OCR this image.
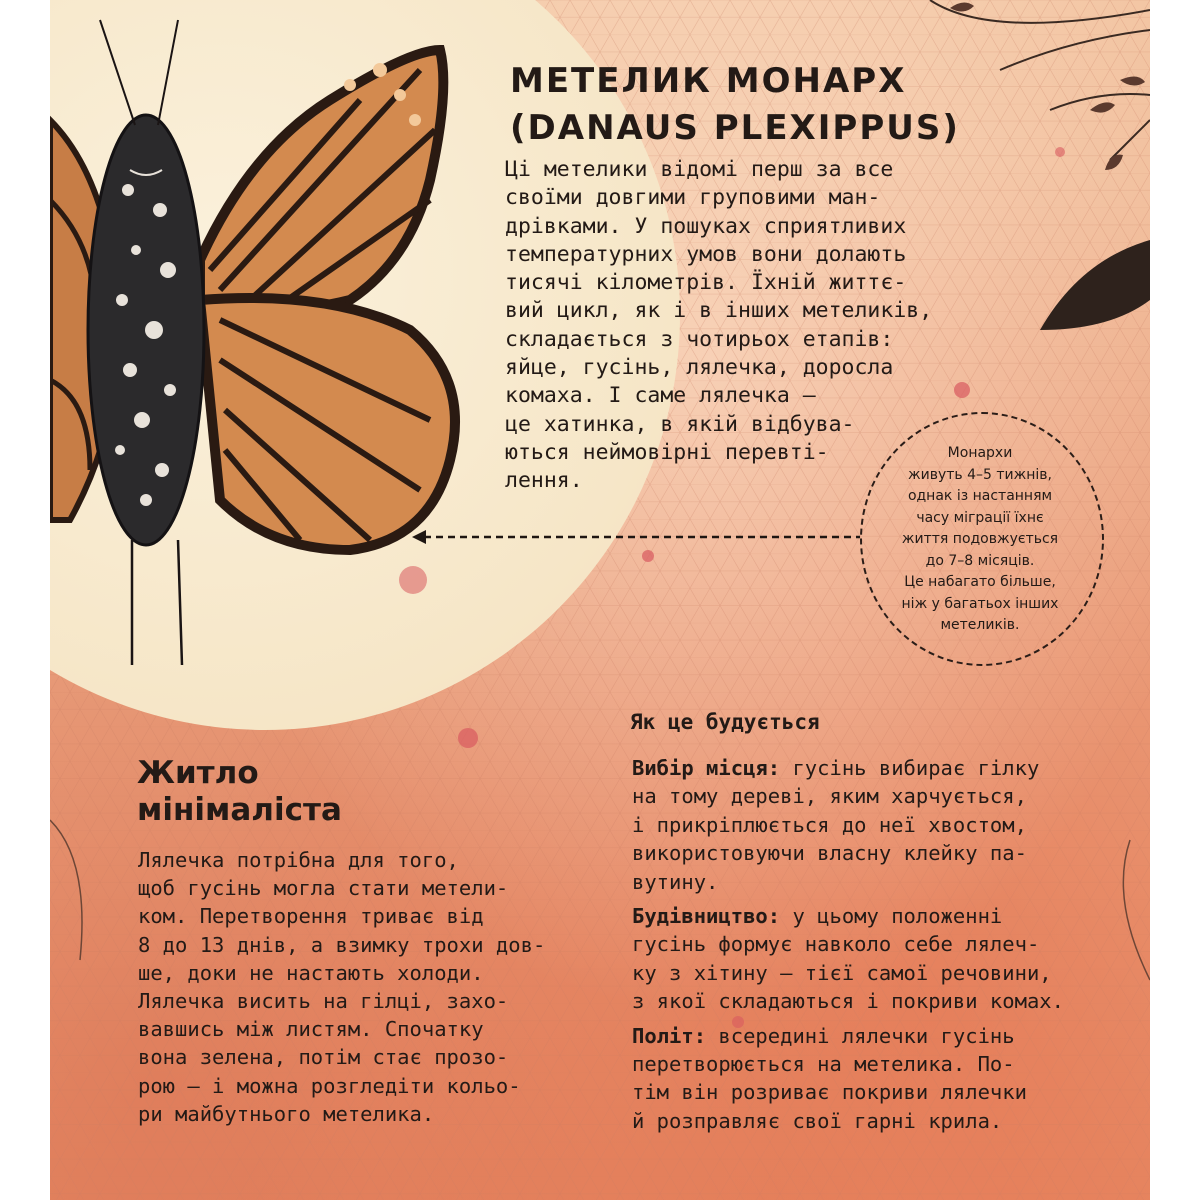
МЕТЕЛИК МОНАРХ
(DANAUS PLEXIPPUS)

Ці метелики відомі перш за все
своїми довгими груповими ман-
дрівками. У пошуках сприятливих
температурних умов вони долають
тисячі кілометрів. Їхній життє-
вий цикл, як і в інших метеликів,
складається з чотирьох етапів:
яйце, гусінь, лялечка, доросла
комаха. І саме лялечка —
це хатинка, в якій відбува-
ються неймовірні перевті-
лення.

Монархи
живуть 4–5 тижнів,
однак із настанням
часу міграції їхнє
життя подовжується
до 7–8 місяців.
Це набагато більше,
ніж у багатьох інших
метеликів.

Житло
мінімаліста

Лялечка потрібна для того,
щоб гусінь могла стати метели-
ком. Перетворення триває від
8 до 13 днів, а взимку трохи дов-
ше, доки не настають холоди.
Лялечка висить на гілці, захо-
вавшись між листям. Спочатку
вона зелена, потім стає прозо-
рою — і можна розгледіти кольо-
ри майбутнього метелика.

Як це будується

Вибір місця: гусінь вибирає гілку
на тому дереві, яким харчується,
і прикріплюється до неї хвостом,
використовуючи власну клейку па-
вутину.

Будівництво: у цьому положенні
гусінь формує навколо себе лялеч-
ку з хітину — тієї самої речовини,
з якої складаються і покриви комах.

Політ: всередині лялечки гусінь
перетворюється на метелика. По-
тім він розриває покриви лялечки
й розправляє свої гарні крила.
